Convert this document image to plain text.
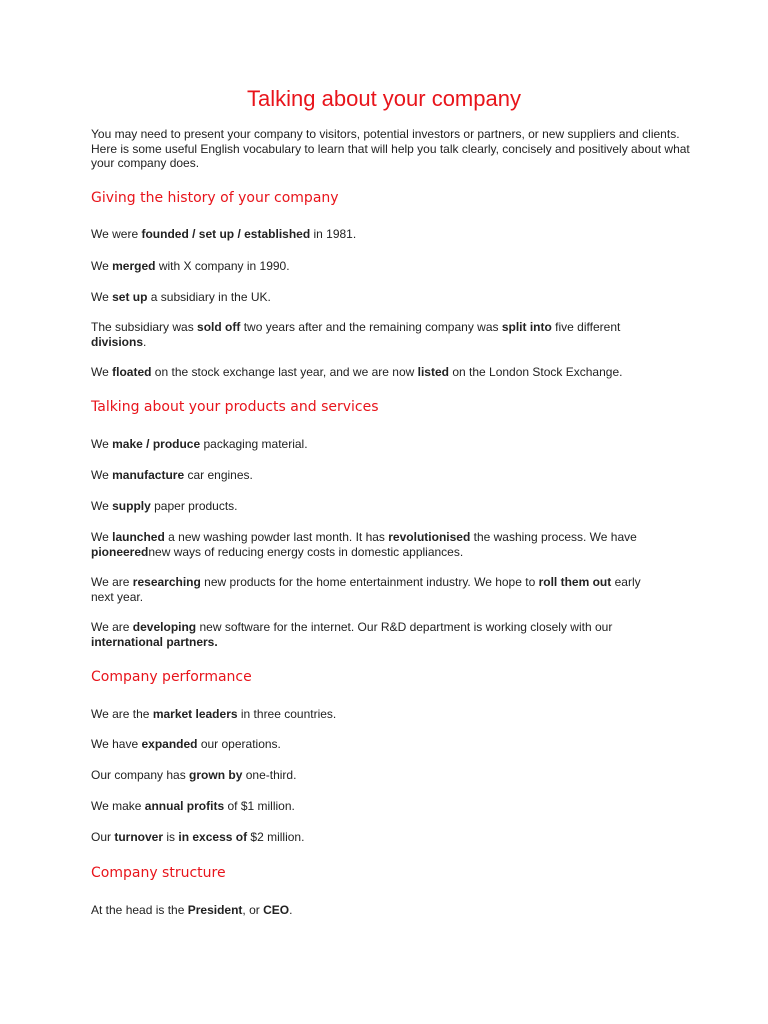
Talking about your company

You may need to present your company to visitors, potential investors or partners, or new suppliers and clients. Here is some useful English vocabulary to learn that will help you talk clearly, concisely and positively about what your company does.

Giving the history of your company

We were founded / set up / established in 1981.

We merged with X company in 1990.

We set up a subsidiary in the UK.

The subsidiary was sold off two years after and the remaining company was split into five different divisions.

We floated on the stock exchange last year, and we are now listed on the London Stock Exchange.

Talking about your products and services

We make / produce packaging material.

We manufacture car engines.

We supply paper products.

We launched a new washing powder last month. It has revolutionised the washing process. We have pioneerednew ways of reducing energy costs in domestic appliances.

We are researching new products for the home entertainment industry. We hope to roll them out early next year.

We are developing new software for the internet. Our R&D department is working closely with our international partners.

Company performance

We are the market leaders in three countries.

We have expanded our operations.

Our company has grown by one-third.

We make annual profits of $1 million.

Our turnover is in excess of $2 million.

Company structure

At the head is the President, or CEO.
